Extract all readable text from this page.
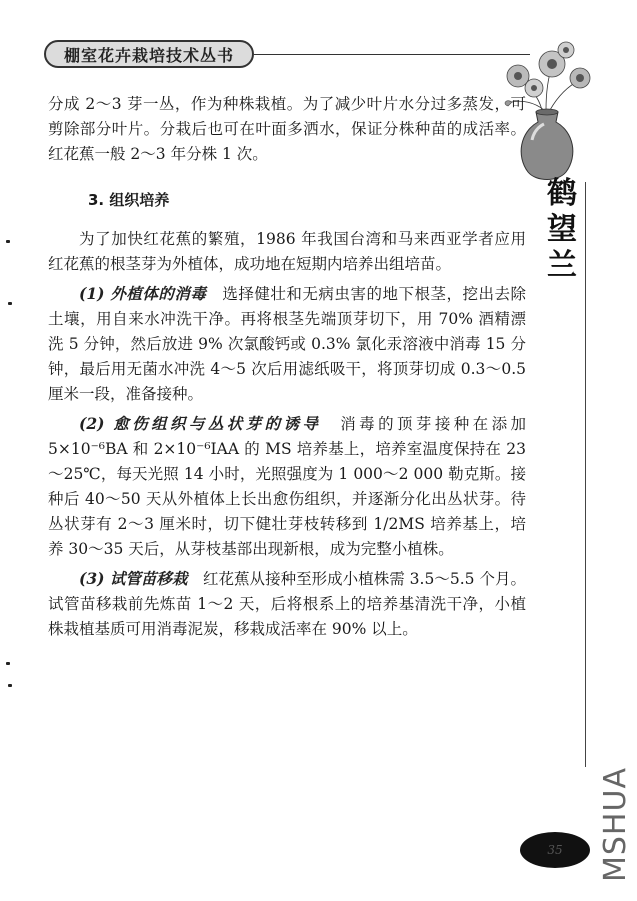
棚室花卉栽培技术丛书
鹤
望
兰

分成 2～3 芽一丛，作为种株栽植。为了减少叶片水分过多蒸发，可剪除部分叶片。分栽后也可在叶面多洒水，保证分株种苗的成活率。红花蕉一般 2～3 年分株 1 次。

3. 组织培养

为了加快红花蕉的繁殖，1986 年我国台湾和马来西亚学者应用红花蕉的根茎芽为外植体，成功地在短期内培养出组培苗。

(1) 外植体的消毒　 选择健壮和无病虫害的地下根茎，挖出去除土壤，用自来水冲洗干净。再将根茎先端顶芽切下，用 70% 酒精漂洗 5 分钟，然后放进 9% 次氯酸钙或 0.3% 氯化汞溶液中消毒 15 分钟，最后用无菌水冲洗 4～5 次后用滤纸吸干，将顶芽切成 0.3～0.5 厘米一段，准备接种。

(2) 愈伤组织与丛状芽的诱导　 消毒的顶芽接种在添加 5×10⁻⁶BA 和 2×10⁻⁶IAA 的 MS 培养基上，培养室温度保持在 23～25℃，每天光照 14 小时，光照强度为 1 000～2 000 勒克斯。接种后 40～50 天从外植体上长出愈伤组织，并逐渐分化出丛状芽。待丛状芽有 2～3 厘米时，切下健壮芽枝转移到 1/2MS 培养基上，培养 30～35 天后，从芽枝基部出现新根，成为完整小植株。

(3) 试管苗移栽　 红花蕉从接种至形成小植株需 3.5～5.5 个月。试管苗移栽前先炼苗 1～2 天，后将根系上的培养基清洗干净，小植株栽植基质可用消毒泥炭，移栽成活率在 90% 以上。

35 MSHUA
